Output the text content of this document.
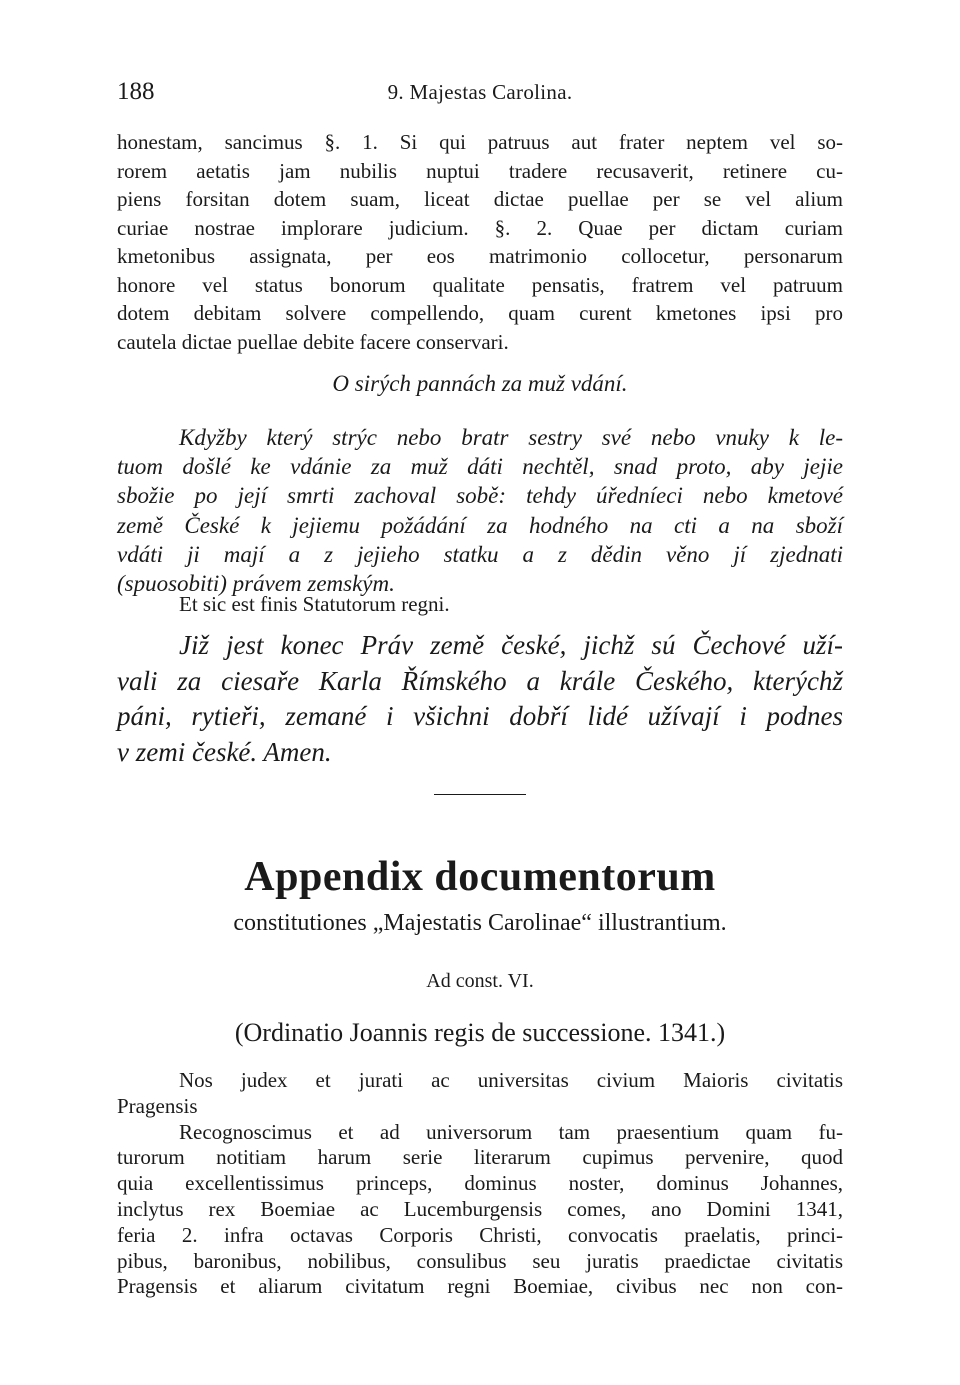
188	9. Majestas Carolina.
honestam, sancimus §. 1. Si qui patruus aut frater neptem vel so-
rorem aetatis jam nubilis nuptui tradere recusaverit, retinere cu-
piens forsitan dotem suam, liceat dictae puellae per se vel alium
curiae nostrae implorare judicium. §. 2. Quae per dictam curiam
kmetonibus assignata, per eos matrimonio collocetur, personarum
honore vel status bonorum qualitate pensatis, fratrem vel patruum
dotem debitam solvere compellendo, quam curent kmetones ipsi pro
cautela dictae puellae debite facere conservari.
O sirých pannách za muž vdání.
Kdyžby který strýc nebo bratr sestry své nebo vnuky k le-
tuom došlé ke vdánie za muž dáti nechtěl, snad proto, aby jejie
sbožie po její smrti zachoval sobě: tehdy úředníeci nebo kmetové
země České k jejiemu požádání za hodného na cti a na sboží
vdáti ji mají a z jejieho statku a z dědin věno jí zjednati
(spuosobiti) právem zemským.
Et sic est finis Statutorum regni.
Již jest konec Práv země české, jichž sú Čechové uží-
vali za ciesaře Karla Římského a krále Českého, kterýchž
páni, rytieři, zemané i všichni dobří lidé užívají i podnes
v zemi české. Amen.
Appendix documentorum
constitutiones „Majestatis Carolinae“ illustrantium.
Ad const. VI.
(Ordinatio Joannis regis de successione. 1341.)
Nos judex et jurati ac universitas civium Maioris civitatis
Pragensis
Recognoscimus et ad universorum tam praesentium quam fu-
turorum notitiam harum serie literarum cupimus pervenire, quod
quia excellentissimus princeps, dominus noster, dominus Johannes,
inclytus rex Boemiae ac Lucemburgensis comes, ano Domini 1341,
feria 2. infra octavas Corporis Christi, convocatis praelatis, princi-
pibus, baronibus, nobilibus, consulibus seu juratis praedictae civitatis
Pragensis et aliarum civitatum regni Boemiae, civibus nec non con-
